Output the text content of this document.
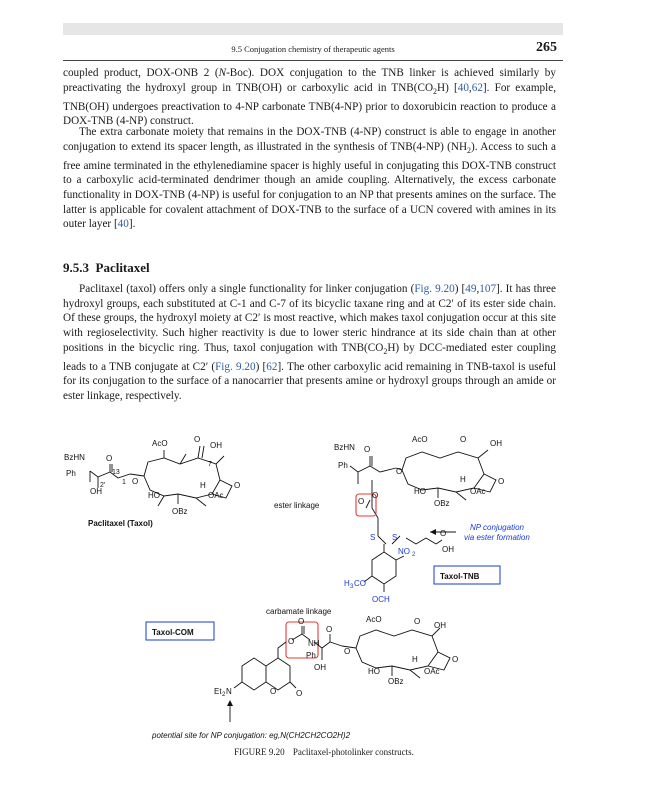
9.5 Conjugation chemistry of therapeutic agents	265

coupled product, DOX-ONB 2 (N-Boc). DOX conjugation to the TNB linker is achieved similarly by preactivating the hydroxyl group in TNB(OH) or carboxylic acid in $TNB(CO_2H)$ [40,62]. For example, TNB(OH) undergoes preactivation to 4-NP carbonate TNB(4-NP) prior to doxorubicin reaction to produce a DOX-TNB (4-NP) construct.

The extra carbonate moiety that remains in the DOX-TNB (4-NP) construct is able to engage in another conjugation to extend its spacer length, as illustrated in the synthesis of TNB(4-NP) $(NH_2)$. Access to such a free amine terminated in the ethylenediamine spacer is highly useful in conjugating this DOX-TNB construct to a carboxylic acid-terminated dendrimer though an amide coupling. Alternatively, the excess carbonate functionality in DOX-TNB (4-NP) is useful for conjugation to an NP that presents amines on the surface. The latter is applicable for covalent attachment of DOX-TNB to the surface of a UCN covered with amines in its outer layer [40].

9.5.3 Paclitaxel

Paclitaxel (taxol) offers only a single functionality for linker conjugation (Fig. 9.20) [49,107]. It has three hydroxyl groups, each substituted at C-1 and C-7 of its bicyclic taxane ring and at C2′ of its ester side chain. Of these groups, the hydroxyl moiety at C2′ is most reactive, which makes taxol conjugation occur at this site with regioselectivity. Such higher reactivity is due to lower steric hindrance at its side chain than at other positions in the bicyclic ring. Thus, taxol conjugation with $TNB(CO_2H)$ by DCC-mediated ester coupling leads to a TNB conjugate at C2′ (Fig. 9.20) [62]. The other carboxylic acid remaining in TNB-taxol is useful for its conjugation to the surface of a nanocarrier that presents amine or hydroxyl groups through an amide or ester linkage, respectively.

AcO	O
OH
BzHN	O
13
Ph
2′	O
1
7
OH	HO
H	O
OAc
OBz
Paclitaxel (Taxol)
AcO	O	OH
BzHN O
Ph
O
HO
H	O
OAc
OBz
O
O
ester linkage
S S	O
OH
NO 2
H 3 CO
OCH
NP conjugation
via ester formation
Taxol-TNB
carbamate linkage
Taxol-COM
O
O NH
AcO	O OH
O
Ph	O
OH	HO
H	O
OAc
OBz
O O
Et 2 N
potential site for NP conjugation: eg,N(CH2CH2CO2H)2
FIGURE 9.20 Paclitaxel-photolinker constructs.
